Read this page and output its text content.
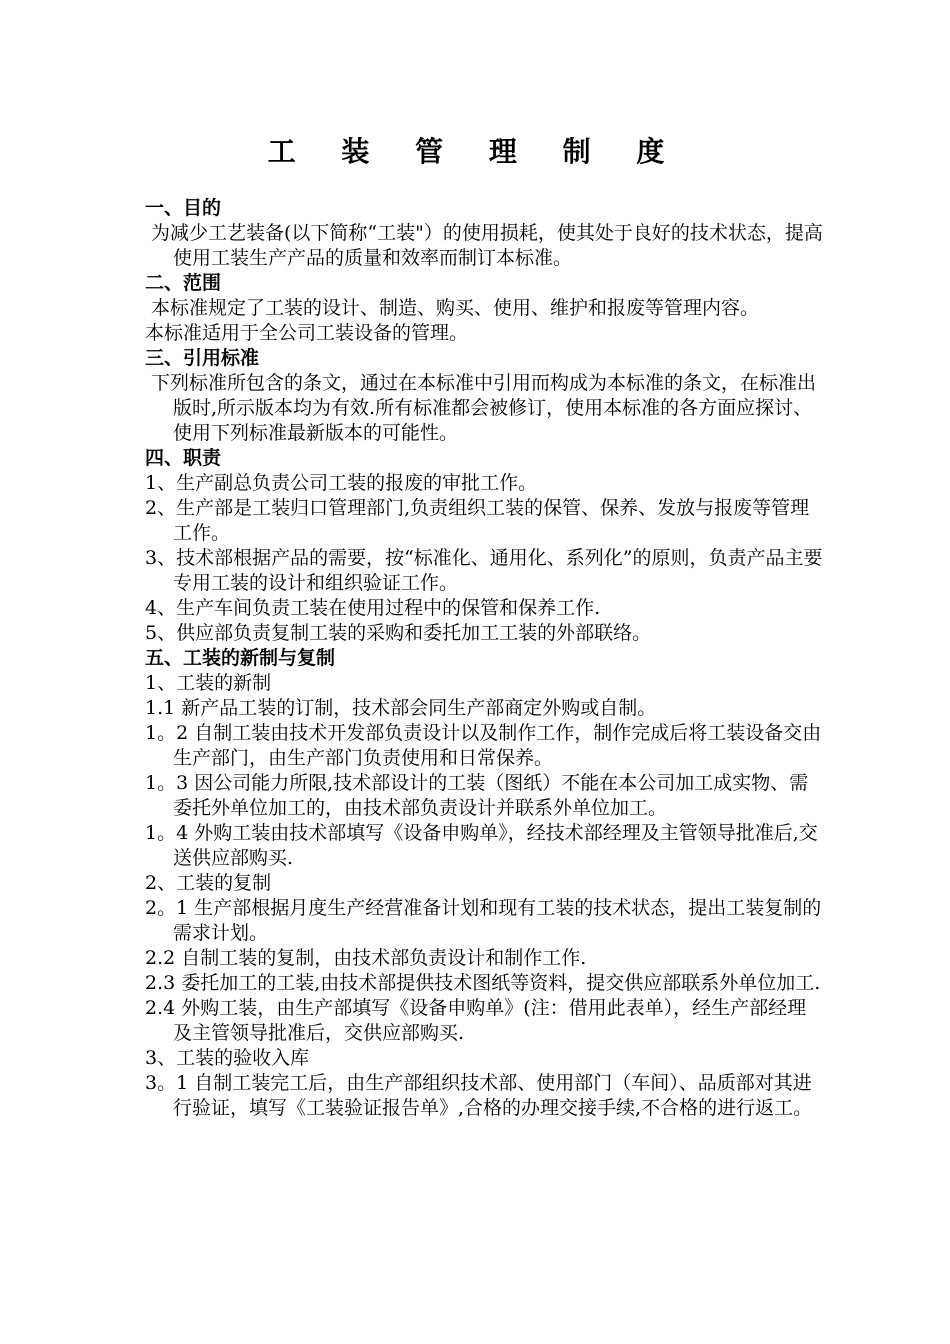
工 装 管 理 制 度

一、目的

为减少工艺装备(以下简称“工装"）的使用损耗，使其处于良好的技术状态，提高使用工装生产产品的质量和效率而制订本标准。

二、范围

本标准规定了工装的设计、制造、购买、使用、维护和报废等管理内容。

本标准适用于全公司工装设备的管理。

三、引用标准

下列标准所包含的条文，通过在本标准中引用而构成为本标准的条文，在标准出版时,所示版本均为有效.所有标准都会被修订，使用本标准的各方面应探讨、使用下列标准最新版本的可能性。

四、职责

1、生产副总负责公司工装的报废的审批工作。

2、生产部是工装归口管理部门,负责组织工装的保管、保养、发放与报废等管理工作。

3、技术部根据产品的需要，按“标准化、通用化、系列化”的原则，负责产品主要专用工装的设计和组织验证工作。

4、生产车间负责工装在使用过程中的保管和保养工作.

5、供应部负责复制工装的采购和委托加工工装的外部联络。

五、工装的新制与复制

1、工装的新制

1.1 新产品工装的订制，技术部会同生产部商定外购或自制。

1。2 自制工装由技术开发部负责设计以及制作工作，制作完成后将工装设备交由生产部门，由生产部门负责使用和日常保养。

1。3 因公司能力所限,技术部设计的工装（图纸）不能在本公司加工成实物、需委托外单位加工的，由技术部负责设计并联系外单位加工。

1。4 外购工装由技术部填写《设备申购单》，经技术部经理及主管领导批准后,交送供应部购买.

2、工装的复制

2。1 生产部根据月度生产经营准备计划和现有工装的技术状态，提出工装复制的需求计划。

2.2 自制工装的复制，由技术部负责设计和制作工作.

2.3 委托加工的工装,由技术部提供技术图纸等资料，提交供应部联系外单位加工.

2.4 外购工装，由生产部填写《设备申购单》(注：借用此表单），经生产部经理及主管领导批准后，交供应部购买.

3、工装的验收入库

3。1 自制工装完工后，由生产部组织技术部、使用部门（车间）、品质部对其进行验证，填写《工装验证报告单》,合格的办理交接手续,不合格的进行返工。
